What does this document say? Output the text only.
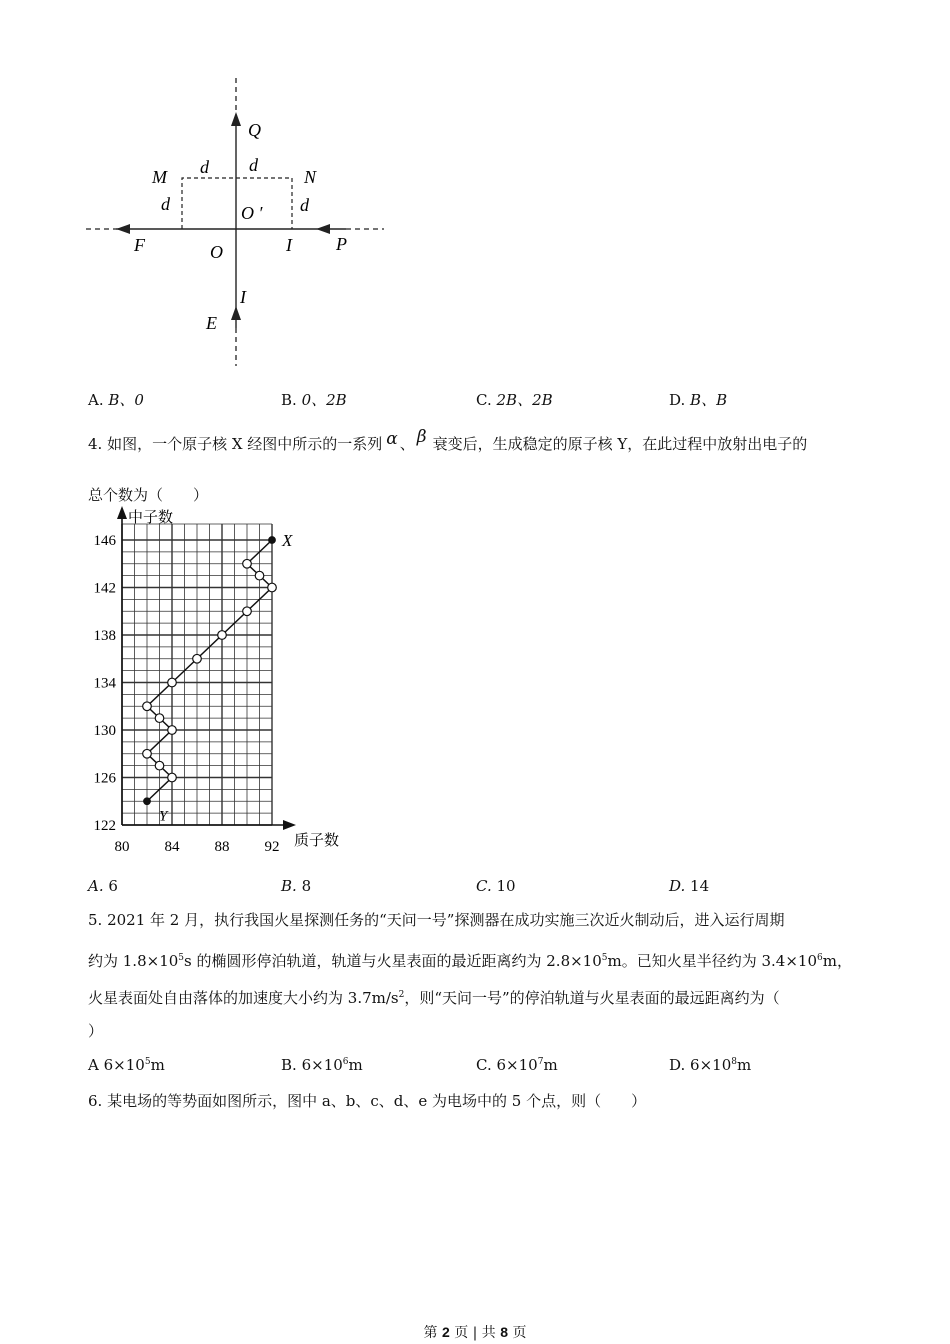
Q
M	N
d d
d	d
O ′
F	O	I P
I
E
A. B、0	B. 0、2B	C. 2B、2B	D. B、B
4. 如图，一个原子核 X 经图中所示的一系列 α 、 β 衰变后，生成稳定的原子核 Y，在此过程中放射出电子的
总个数为（　　）
122
126
130
134
138
142
146
80 84 88 92
中子数
质子数
X
Y
A. 6	B. 8	C. 10	D. 14
5. 2021 年 2 月，执行我国火星探测任务的“天问一号”探测器在成功实施三次近火制动后，进入运行周期
约为 $1.8\times 10^5s$ 的椭圆形停泊轨道，轨道与火星表面的最近距离约为 $2.8\times 10^5m$。已知火星半径约为 $3.4\times 10^6m$，
火星表面处自由落体的加速度大小约为 $3.7m/s^2$，则“天问一号”的停泊轨道与火星表面的最远距离约为（
）
A $6\times 10^5m$	B. $6\times 10^6m$	C. $6\times 10^7m$	D. $6\times 10^8m$
6. 某电场的等势面如图所示，图中 a、b、c、d、e 为电场中的 5 个点，则（　　）
第 2 页 | 共 8 页
